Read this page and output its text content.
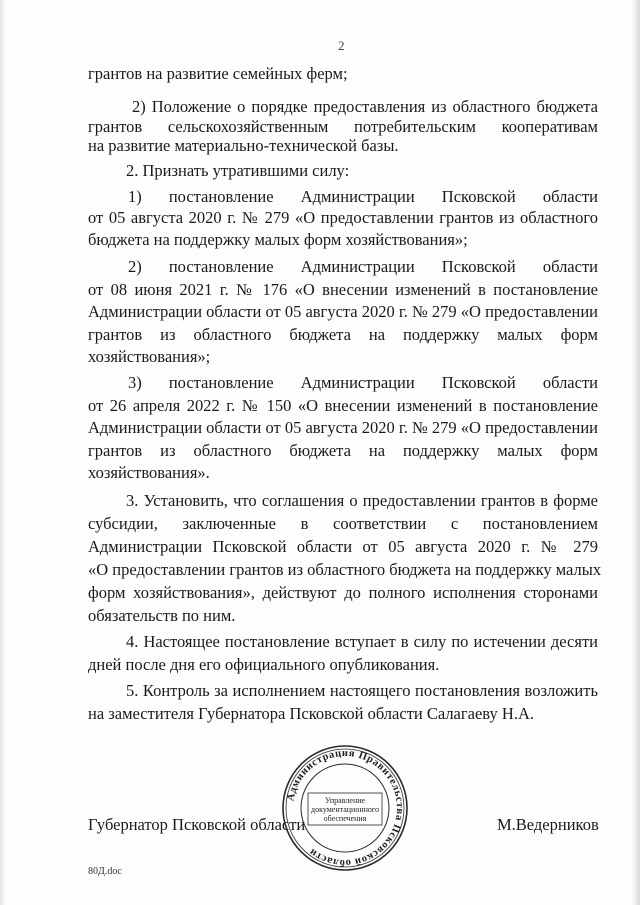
2
грантов на развитие семейных ферм;
2) Положение о порядке предоставления из областного бюджета
грантов сельскохозяйственным потребительским кооперативам
на развитие материально-технической базы.
2. Признать утратившими силу:
1) постановление Администрации Псковской области
от 05 августа 2020 г. № 279 «О предоставлении грантов из областного
бюджета на поддержку малых форм хозяйствования»;
2) постановление Администрации Псковской области
от 08 июня 2021 г. № 176 «О внесении изменений в постановление
Администрации области от 05 августа 2020 г. № 279 «О предоставлении
грантов из областного бюджета на поддержку малых форм
хозяйствования»;
3) постановление Администрации Псковской области
от 26 апреля 2022 г. № 150 «О внесении изменений в постановление
Администрации области от 05 августа 2020 г. № 279 «О предоставлении
грантов из областного бюджета на поддержку малых форм
хозяйствования».
3. Установить, что соглашения о предоставлении грантов в форме
субсидии, заключенные в соответствии с постановлением
Администрации Псковской области от 05 августа 2020 г. № 279
«О предоставлении грантов из областного бюджета на поддержку малых
форм хозяйствования», действуют до полного исполнения сторонами
обязательств по ним.
4. Настоящее постановление вступает в силу по истечении десяти
дней после дня его официального опубликования.
5. Контроль за исполнением настоящего постановления возложить
на заместителя Губернатора Псковской области Салагаеву Н.А.
Губернатор Псковской области	М.Ведерников
Администрация Правительства Псковской области
Управление
документационного
обеспечения
80Д.doc
